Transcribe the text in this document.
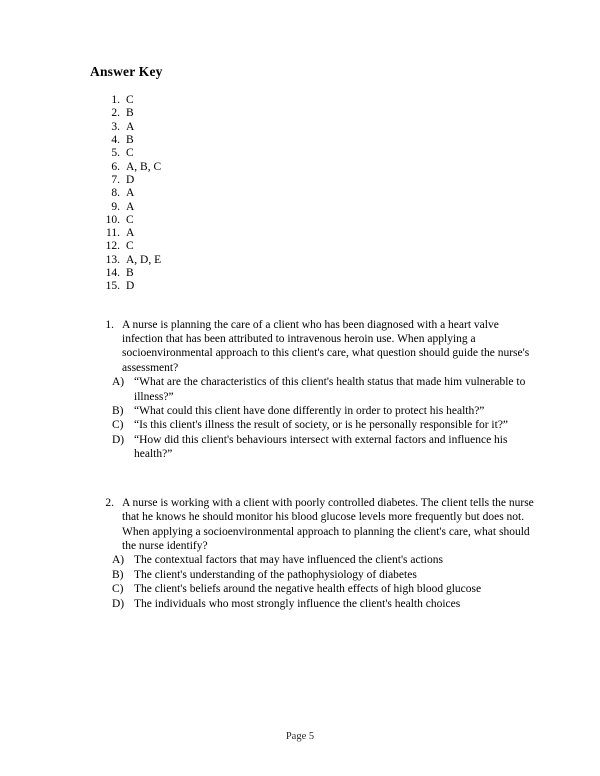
Answer Key
1. C
2. B
3. A
4. B
5. C
6. A, B, C
7. D
8. A
9. A
10. C
11. A
12. C
13. A, D, E
14. B
15. D
1. A nurse is planning the care of a client who has been diagnosed with a heart valve infection that has been attributed to intravenous heroin use. When applying a socioenvironmental approach to this client's care, what question should guide the nurse's assessment?
A) “What are the characteristics of this client's health status that made him vulnerable to illness?”
B) “What could this client have done differently in order to protect his health?”
C) “Is this client's illness the result of society, or is he personally responsible for it?”
D) “How did this client's behaviours intersect with external factors and influence his health?”
2. A nurse is working with a client with poorly controlled diabetes. The client tells the nurse that he knows he should monitor his blood glucose levels more frequently but does not. When applying a socioenvironmental approach to planning the client's care, what should the nurse identify?
A) The contextual factors that may have influenced the client's actions
B) The client's understanding of the pathophysiology of diabetes
C) The client's beliefs around the negative health effects of high blood glucose
D) The individuals who most strongly influence the client's health choices
Page 5
